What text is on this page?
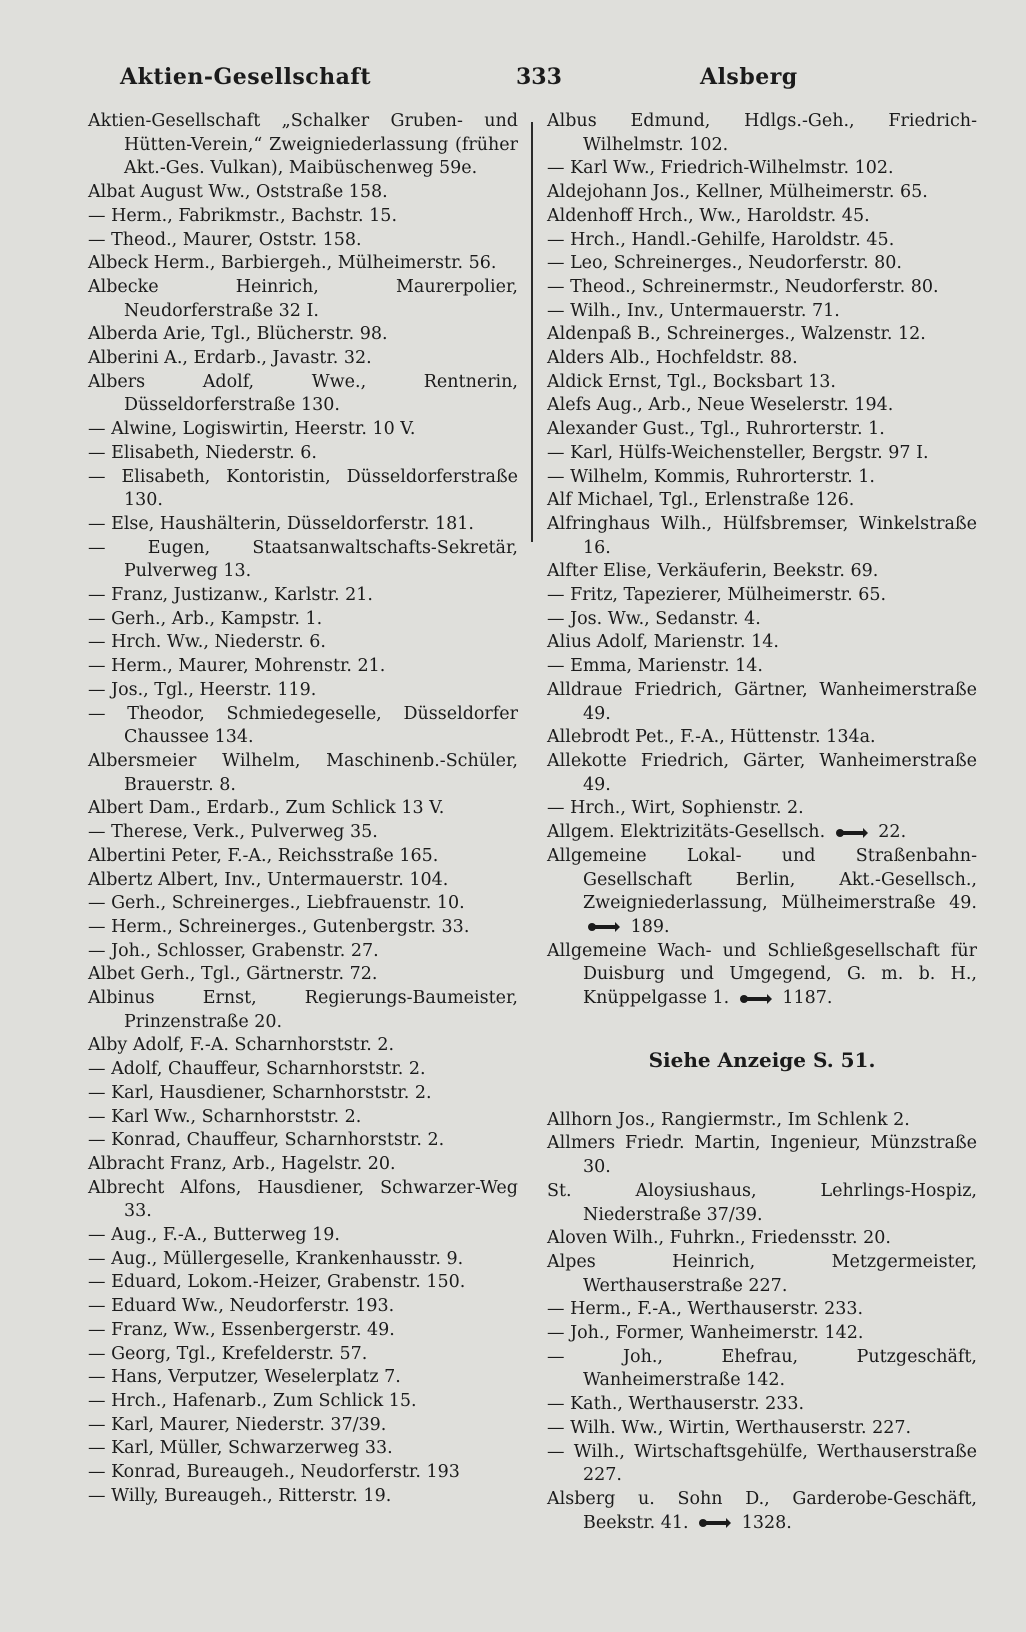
Aktien-Gesellschaft	333	Alsberg

Aktien-Gesellschaft „Schalker Gruben- und Hütten-Verein,“ Zweigniederlassung (früher Akt.-Ges. Vulkan), Maibüschenweg 59e.

Albat August Ww., Oststraße 158.

— Herm., Fabrikmstr., Bachstr. 15.

— Theod., Maurer, Oststr. 158.

Albeck Herm., Barbiergeh., Mülheimerstr. 56.

Albecke Heinrich, Maurerpolier, Neudorferstraße 32 I.

Alberda Arie, Tgl., Blücherstr. 98.

Alberini A., Erdarb., Javastr. 32.

Albers Adolf, Wwe., Rentnerin, Düsseldorferstraße 130.

— Alwine, Logiswirtin, Heerstr. 10 V.

— Elisabeth, Niederstr. 6.

— Elisabeth, Kontoristin, Düsseldorferstraße 130.

— Else, Haushälterin, Düsseldorferstr. 181.

— Eugen, Staatsanwaltschafts-Sekretär, Pulverweg 13.

— Franz, Justizanw., Karlstr. 21.

— Gerh., Arb., Kampstr. 1.

— Hrch. Ww., Niederstr. 6.

— Herm., Maurer, Mohrenstr. 21.

— Jos., Tgl., Heerstr. 119.

— Theodor, Schmiedegeselle, Düsseldorfer Chaussee 134.

Albersmeier Wilhelm, Maschinenb.-Schüler, Brauerstr. 8.

Albert Dam., Erdarb., Zum Schlick 13 V.

— Therese, Verk., Pulverweg 35.

Albertini Peter, F.-A., Reichsstraße 165.

Albertz Albert, Inv., Untermauerstr. 104.

— Gerh., Schreinerges., Liebfrauenstr. 10.

— Herm., Schreinerges., Gutenbergstr. 33.

— Joh., Schlosser, Grabenstr. 27.

Albet Gerh., Tgl., Gärtnerstr. 72.

Albinus Ernst, Regierungs-Baumeister, Prinzenstraße 20.

Alby Adolf, F.-A. Scharnhorststr. 2.

— Adolf, Chauffeur, Scharnhorststr. 2.

— Karl, Hausdiener, Scharnhorststr. 2.

— Karl Ww., Scharnhorststr. 2.

— Konrad, Chauffeur, Scharnhorststr. 2.

Albracht Franz, Arb., Hagelstr. 20.

Albrecht Alfons, Hausdiener, Schwarzer-Weg 33.

— Aug., F.-A., Butterweg 19.

— Aug., Müllergeselle, Krankenhausstr. 9.

— Eduard, Lokom.-Heizer, Grabenstr. 150.

— Eduard Ww., Neudorferstr. 193.

— Franz, Ww., Essenbergerstr. 49.

— Georg, Tgl., Krefelderstr. 57.

— Hans, Verputzer, Weselerplatz 7.

— Hrch., Hafenarb., Zum Schlick 15.

— Karl, Maurer, Niederstr. 37/39.

— Karl, Müller, Schwarzerweg 33.

— Konrad, Bureaugeh., Neudorferstr. 193

— Willy, Bureaugeh., Ritterstr. 19.

Albus Edmund, Hdlgs.-Geh., Friedrich-Wilhelmstr. 102.

— Karl Ww., Friedrich-Wilhelmstr. 102.

Aldejohann Jos., Kellner, Mülheimerstr. 65.

Aldenhoff Hrch., Ww., Haroldstr. 45.

— Hrch., Handl.-Gehilfe, Haroldstr. 45.

— Leo, Schreinerges., Neudorferstr. 80.

— Theod., Schreinermstr., Neudorferstr. 80.

— Wilh., Inv., Untermauerstr. 71.

Aldenpaß B., Schreinerges., Walzenstr. 12.

Alders Alb., Hochfeldstr. 88.

Aldick Ernst, Tgl., Bocksbart 13.

Alefs Aug., Arb., Neue Weselerstr. 194.

Alexander Gust., Tgl., Ruhrorterstr. 1.

— Karl, Hülfs-Weichensteller, Bergstr. 97 I.

— Wilhelm, Kommis, Ruhrorterstr. 1.

Alf Michael, Tgl., Erlenstraße 126.

Alfringhaus Wilh., Hülfsbremser, Winkelstraße 16.

Alfter Elise, Verkäuferin, Beekstr. 69.

— Fritz, Tapezierer, Mülheimerstr. 65.

— Jos. Ww., Sedanstr. 4.

Alius Adolf, Marienstr. 14.

— Emma, Marienstr. 14.

Alldraue Friedrich, Gärtner, Wanheimerstraße 49.

Allebrodt Pet., F.-A., Hüttenstr. 134a.

Allekotte Friedrich, Gärter, Wanheimerstraße 49.

— Hrch., Wirt, Sophienstr. 2.

Allgem. Elektrizitäts-Gesellsch.	22.

Allgemeine Lokal- und Straßenbahn-Gesellschaft Berlin, Akt.-Gesellsch., Zweigniederlassung, Mülheimerstraße 49.  189.

Allgemeine Wach- und Schließgesellschaft für Duisburg und Umgegend, G. m. b. H., Knüppelgasse 1.	1187.

Siehe Anzeige S. 51.

Allhorn Jos., Rangiermstr., Im Schlenk 2.

Allmers Friedr. Martin, Ingenieur, Münzstraße 30.

St. Aloysiushaus, Lehrlings-Hospiz, Niederstraße 37/39.

Aloven Wilh., Fuhrkn., Friedensstr. 20.

Alpes Heinrich, Metzgermeister, Werthauserstraße 227.

— Herm., F.-A., Werthauserstr. 233.

— Joh., Former, Wanheimerstr. 142.

— Joh., Ehefrau, Putzgeschäft, Wanheimerstraße 142.

— Kath., Werthauserstr. 233.

— Wilh. Ww., Wirtin, Werthauserstr. 227.

— Wilh., Wirtschaftsgehülfe, Werthauserstraße 227.

Alsberg u. Sohn D., Garderobe-Geschäft, Beekstr. 41.	1328.
